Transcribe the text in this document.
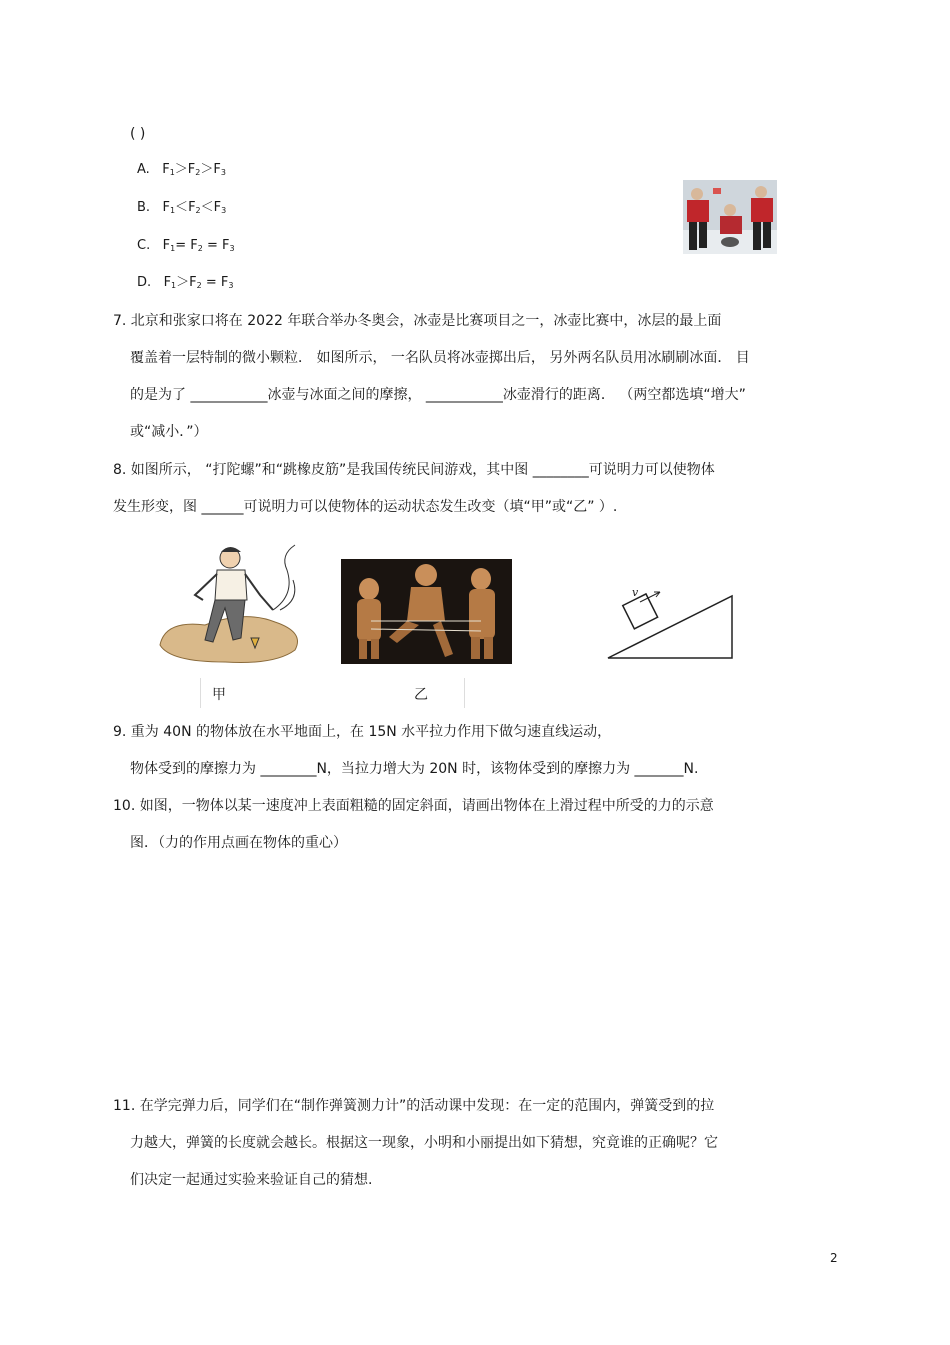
( )
A. $F_1>F_2>F_3$
B. $F_1<F_2<F_3$
C. $F_1= F_2 = F_3$
D. $F_1>F_2 = F_3$
7. 北京和张家口将在 2022 年联合举办冬奥会，冰壶是比赛项目之一，冰壶比赛中，冰层的最上面
覆盖着一层特制的微小颗粒． 如图所示， 一名队员将冰壶掷出后， 另外两名队员用冰刷刷冰面． 目
的是为了 ___________冰壶与冰面之间的摩擦， ___________冰壶滑行的距离． （两空都选填“增大”
或“减小．”）
8. 如图所示， “打陀螺”和“跳橡皮筋”是我国传统民间游戏，其中图 ________可说明力可以使物体
发生形变，图 ______可说明力可以使物体的运动状态发生改变（填“甲”或“乙” ）.
v
甲	乙
9. 重为 40N 的物体放在水平地面上，在 15N 水平拉力作用下做匀速直线运动，
物体受到的摩擦力为 ________N，当拉力增大为 20N 时，该物体受到的摩擦力为 _______N.
10. 如图，一物体以某一速度冲上表面粗糙的固定斜面，请画出物体在上滑过程中所受的力的示意
图．（力的作用点画在物体的重心）
11. 在学完弹力后，同学们在“制作弹簧测力计”的活动课中发现：在一定的范围内，弹簧受到的拉
力越大，弹簧的长度就会越长。根据这一现象，小明和小丽提出如下猜想，究竟谁的正确呢？它
们决定一起通过实验来验证自己的猜想.
2
